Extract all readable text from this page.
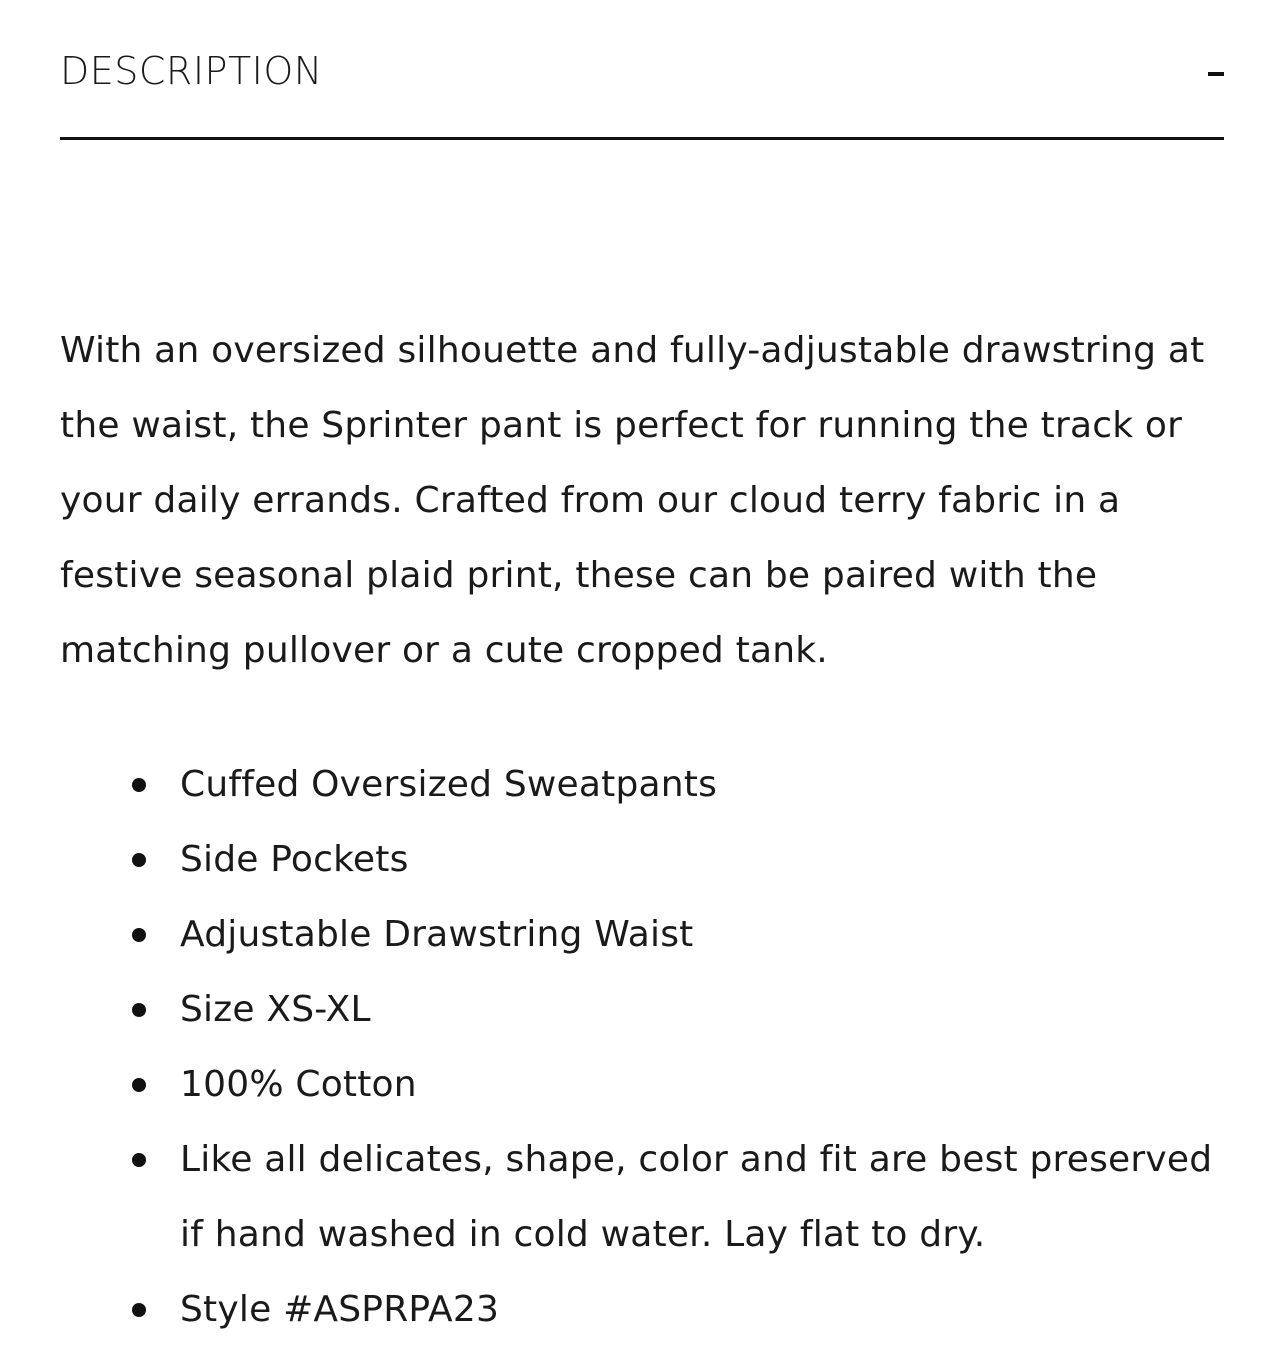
DESCRIPTION

With an oversized silhouette and fully-adjustable drawstring at the waist, the Sprinter pant is perfect for running the track or your daily errands. Crafted from our cloud terry fabric in a festive seasonal plaid print, these can be paired with the matching pullover or a cute cropped tank.

Cuffed Oversized Sweatpants
Side Pockets
Adjustable Drawstring Waist
Size XS-XL
100% Cotton
Like all delicates, shape, color and fit are best preserved if hand washed in cold water. Lay flat to dry.
Style #ASPRPA23
